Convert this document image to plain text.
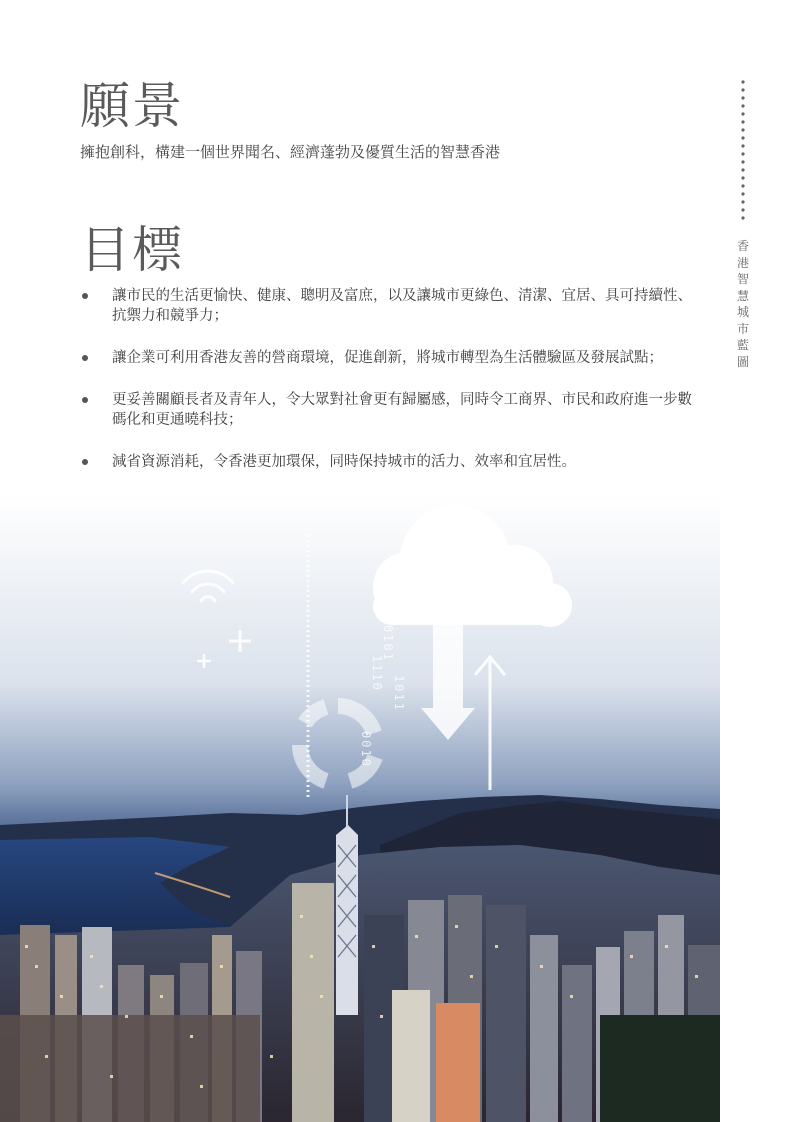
願景

擁抱創科，構建一個世界聞名、經濟蓬勃及優質生活的智慧香港

目標
讓市民的生活更愉快、健康、聰明及富庶，以及讓城市更綠色、清潔、宜居、具可持續性、抗禦力和競爭力；
讓企業可利用香港友善的營商環境，促進創新，將城市轉型為生活體驗區及發展試點；
更妥善關顧長者及青年人，令大眾對社會更有歸屬感，同時令工商界、市民和政府進一步數碼化和更通曉科技；
減省資源消耗，令香港更加環保，同時保持城市的活力、效率和宜居性。
香港智慧城市藍圖
0010
1110
0101
1011
